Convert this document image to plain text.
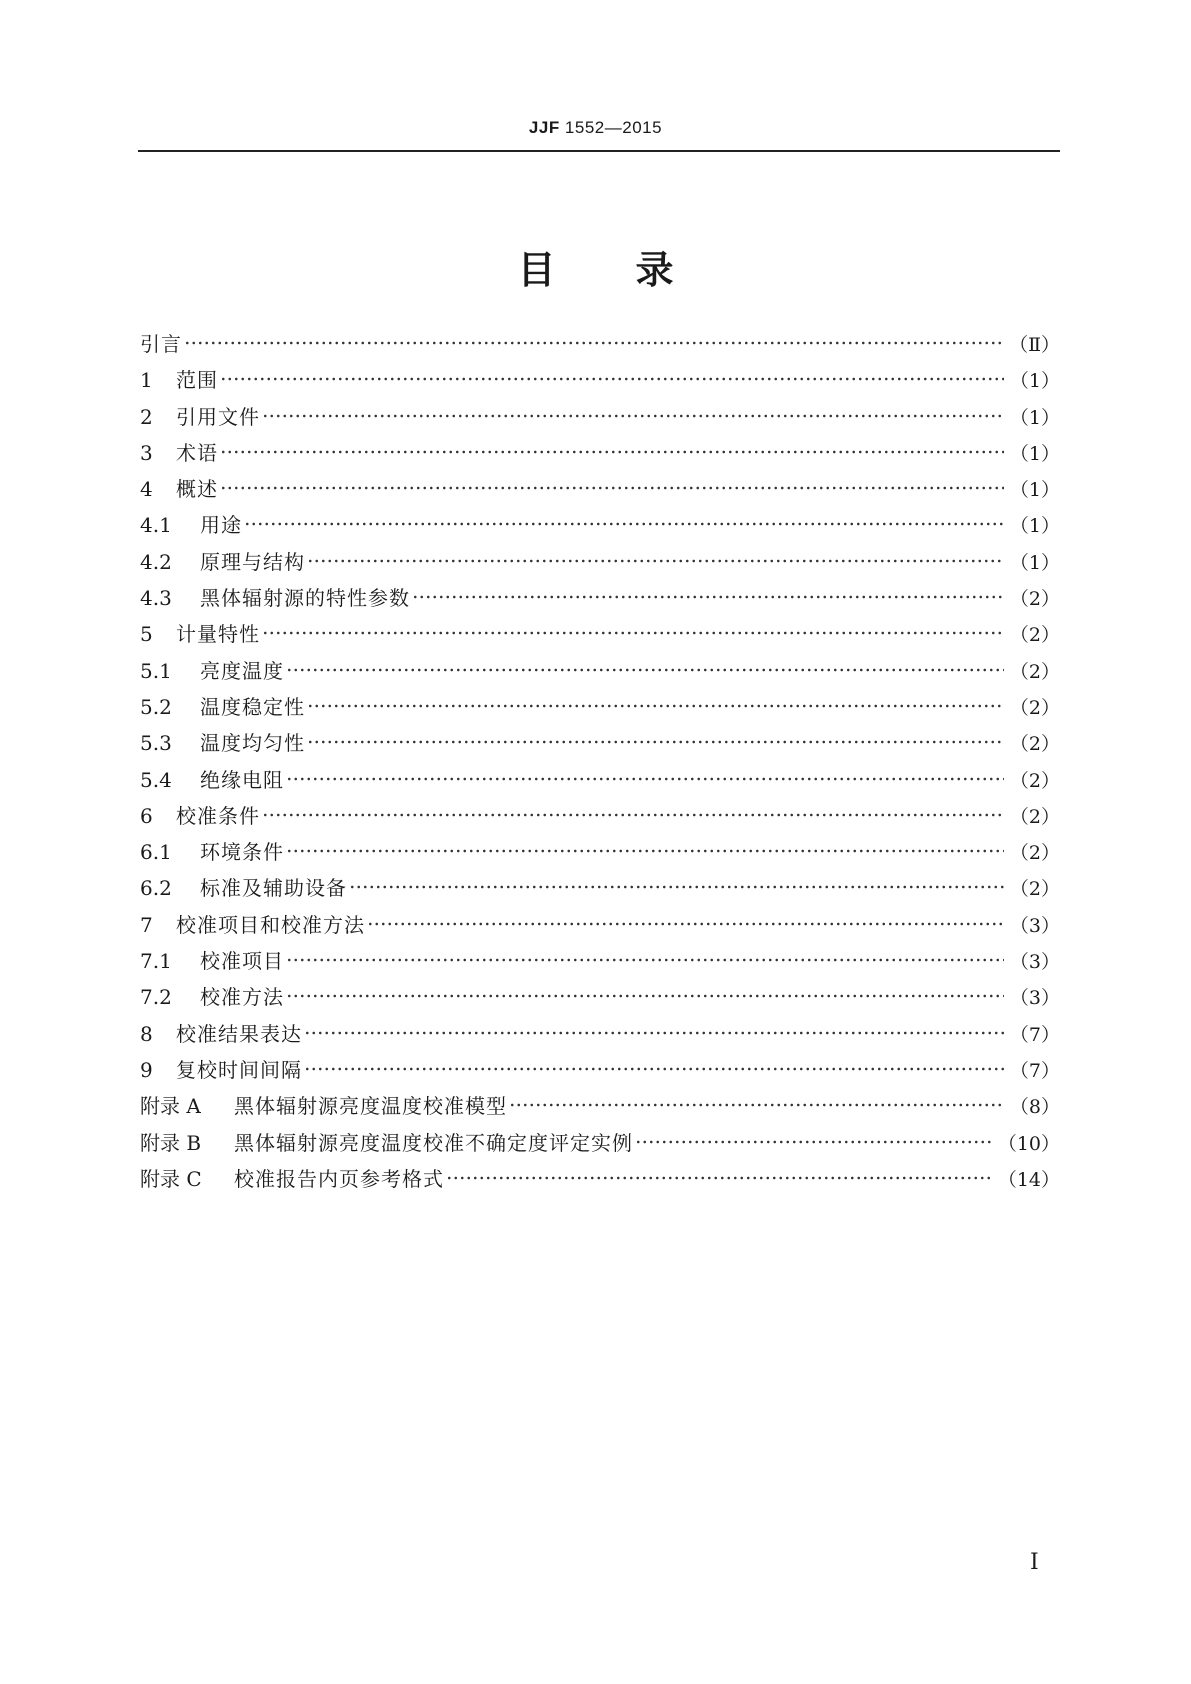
JJF 1552—2015
目录
引言	（Ⅱ）
1	范围	（1）
2	引用文件	（1）
3	术语	（1）
4	概述	（1）
4.1	用途	（1）
4.2	原理与结构	（1）
4.3	黑体辐射源的特性参数	（2）
5	计量特性	（2）
5.1	亮度温度	（2）
5.2	温度稳定性	（2）
5.3	温度均匀性	（2）
5.4	绝缘电阻	（2）
6	校准条件	（2）
6.1	环境条件	（2）
6.2	标准及辅助设备	（2）
7	校准项目和校准方法	（3）
7.1	校准项目	（3）
7.2	校准方法	（3）
8	校准结果表达	（7）
9	复校时间间隔	（7）
附录 A	黑体辐射源亮度温度校准模型	（8）
附录 B	黑体辐射源亮度温度校准不确定度评定实例	（10）
附录 C	校准报告内页参考格式	（14）
Ⅰ
